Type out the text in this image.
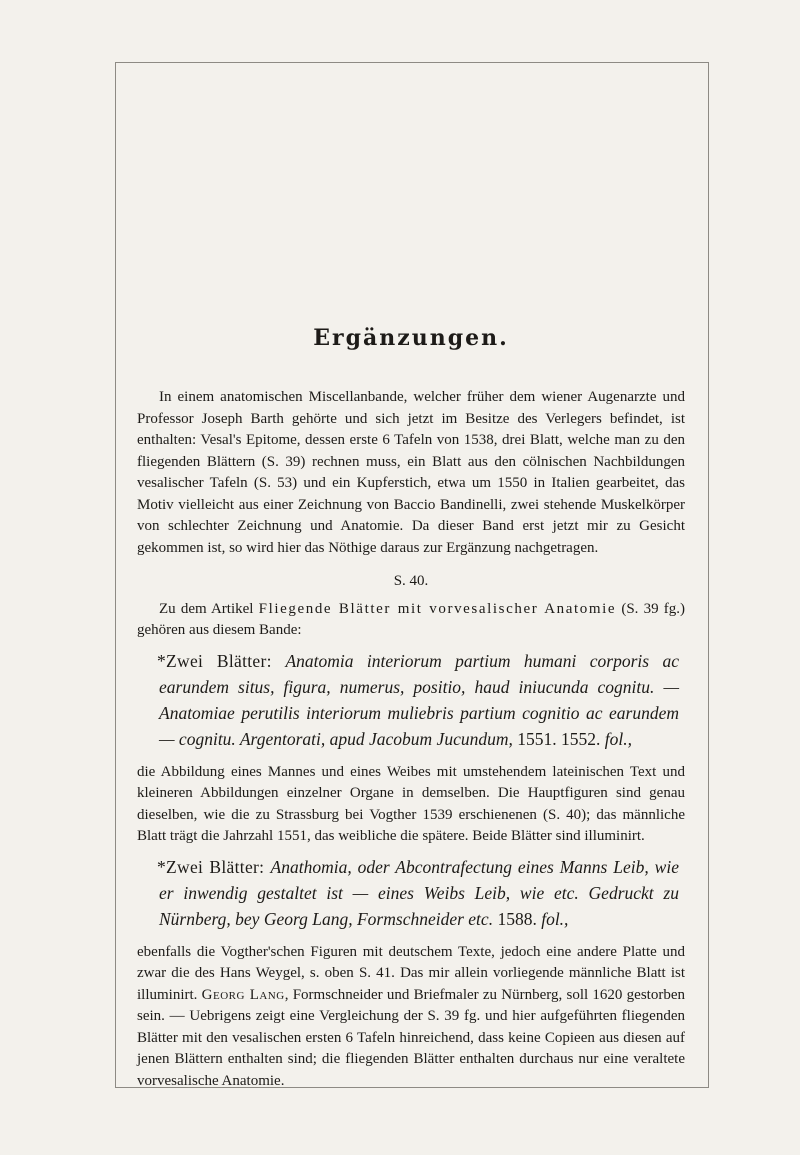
Ergänzungen.

In einem anatomischen Miscellanbande, welcher früher dem wiener Augenarzte und Professor Joseph Barth gehörte und sich jetzt im Besitze des Verlegers befindet, ist enthalten: Vesal's Epitome, dessen erste 6 Tafeln von 1538, drei Blatt, welche man zu den fliegenden Blättern (S. 39) rechnen muss, ein Blatt aus den cölnischen Nachbildungen vesalischer Tafeln (S. 53) und ein Kupferstich, etwa um 1550 in Italien gearbeitet, das Motiv vielleicht aus einer Zeichnung von Baccio Bandinelli, zwei stehende Muskelkörper von schlechter Zeichnung und Anatomie. Da dieser Band erst jetzt mir zu Gesicht gekommen ist, so wird hier das Nöthige daraus zur Ergänzung nachgetragen.

S. 40.

Zu dem Artikel Fliegende Blätter mit vorvesalischer Anatomie (S. 39 fg.) gehören aus diesem Bande:

*Zwei Blätter: Anatomia interiorum partium humani corporis ac earundem situs, figura, numerus, positio, haud iniucunda cognitu. — Anatomiae perutilis interiorum muliebris partium cognitio ac earundem — cognitu. Argentorati, apud Jacobum Jucundum, 1551. 1552. fol.,

die Abbildung eines Mannes und eines Weibes mit umstehendem lateinischen Text und kleineren Abbildungen einzelner Organe in demselben. Die Hauptfiguren sind genau dieselben, wie die zu Strassburg bei Vogther 1539 erschienenen (S. 40); das männliche Blatt trägt die Jahrzahl 1551, das weibliche die spätere. Beide Blätter sind illuminirt.

*Zwei Blätter: Anathomia, oder Abcontrafectung eines Manns Leib, wie er inwendig gestaltet ist — eines Weibs Leib, wie etc. Gedruckt zu Nürnberg, bey Georg Lang, Formschneider etc. 1588. fol.,

ebenfalls die Vogther'schen Figuren mit deutschem Texte, jedoch eine andere Platte und zwar die des Hans Weygel, s. oben S. 41. Das mir allein vorliegende männliche Blatt ist illuminirt. Georg Lang, Formschneider und Briefmaler zu Nürnberg, soll 1620 gestorben sein. — Uebrigens zeigt eine Vergleichung der S. 39 fg. und hier aufgeführten fliegenden Blätter mit den vesalischen ersten 6 Tafeln hinreichend, dass keine Copieen aus diesen auf jenen Blättern enthalten sind; die fliegenden Blätter enthalten durchaus nur eine veraltete vorvesalische Anatomie.
